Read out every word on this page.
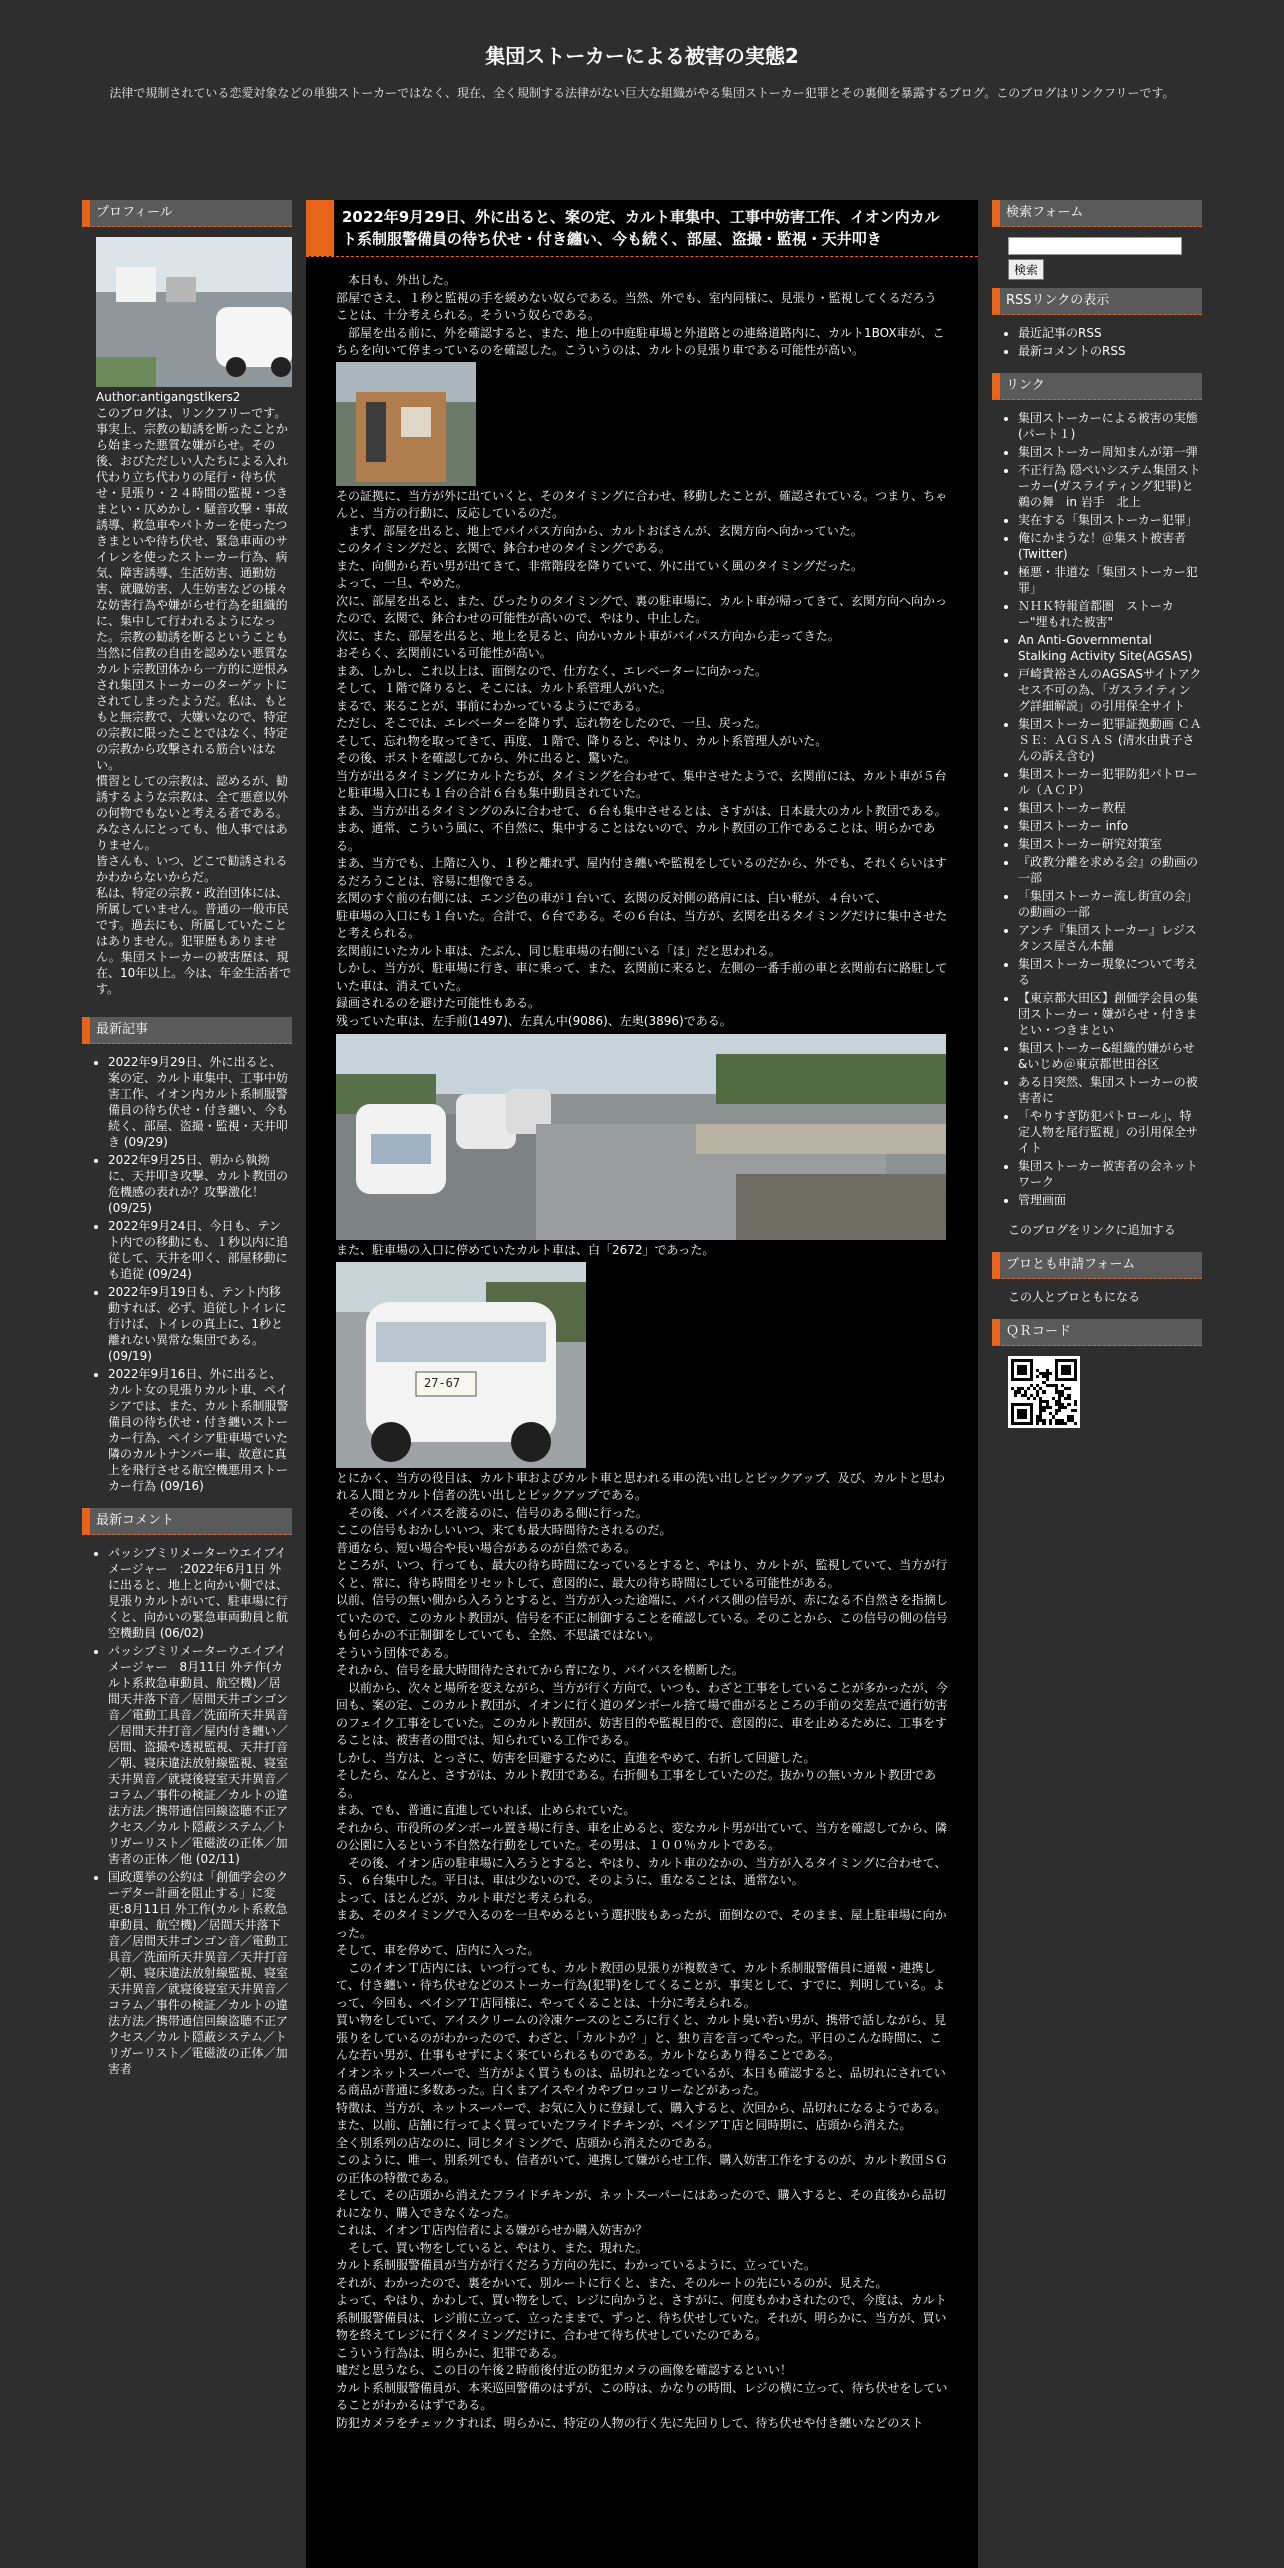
集団ストーカーによる被害の実態2
法律で規制されている恋愛対象などの単独ストーカーではなく、現在、全く規制する法律がない巨大な組織がやる集団ストーカー犯罪とその裏側を暴露するブログ。このブログはリンクフリーです。
プロフィール
Author:antigangstlkers2
このブログは、リンクフリーです。
事実上、宗教の勧誘を断ったことから始まった悪質な嫌がらせ。その後、おびただしい人たちによる入れ代わり立ち代わりの尾行・待ち伏せ・見張り・２４時間の監視・つきまとい・仄めかし・騒音攻撃・事故誘導、救急車やパトカーを使ったつきまといや待ち伏せ、緊急車両のサイレンを使ったストーカー行為、病気、障害誘導、生活妨害、通勤妨害、就職妨害、人生妨害などの様々な妨害行為や嫌がらせ行為を組織的に、集中して行われるようになった。宗教の勧誘を断るということも当然に信教の自由を認めない悪質なカルト宗教団体から一方的に逆恨みされ集団ストーカーのターゲットにされてしまったようだ。私は、もともと無宗教で、大嫌いなので、特定の宗教に限ったことではなく、特定の宗教から攻撃される筋合いはない。
慣習としての宗教は、認めるが、勧誘するような宗教は、全て悪意以外の何物でもないと考える者である。
みなさんにとっても、他人事ではありません。
皆さんも、いつ、どこで勧誘されるかわからないからだ。
私は、特定の宗教・政治団体には、所属していません。普通の一般市民です。過去にも、所属していたことはありません。犯罪歴もありません。集団ストーカーの被害歴は、現在、10年以上。今は、年金生活者です。
最新記事
• 2022年9月29日、外に出ると、案の定、カルト車集中、工事中妨害工作、イオン内カルト系制服警備員の待ち伏せ・付き纏い、今も続く、部屋、盗撮・監視・天井叩き (09/29)
• 2022年9月25日、朝から執拗に、天井叩き攻撃、カルト教団の危機感の表れか？攻撃激化！ (09/25)
• 2022年9月24日、今日も、テント内での移動にも、１秒以内に追従して、天井を叩く、部屋移動にも追従 (09/24)
• 2022年9月19日も、テント内移動すれば、必ず、追従しトイレに行けば、トイレの真上に、1秒と離れない異常な集団である。(09/19)
• 2022年9月16日、外に出ると、カルト女の見張りカルト車、ペイシアでは、また、カルト系制服警備員の待ち伏せ・付き纏いストーカー行為、ペイシア駐車場でいた隣のカルトナンバー車、故意に真上を飛行させる航空機悪用ストーカー行為 (09/16)
最新コメント
• パッシブミリメーターウエイブイメージャー　:2022年6月1日 外に出ると、地上と向かい側では、見張りカルトがいて、駐車場に行くと、向かいの緊急車両動員と航空機動員 (06/02)
• パッシブミリメーターウエイブイメージャー　8月11日 外テ作(カルト系救急車動員、航空機)／居間天井落下音／居間天井ゴンゴン音／電動工具音／洗面所天井異音／居間天井打音／屋内付き纏い／居間、盗撮や透視監視、天井打音／朝、寝床違法放射線監視、寝室天井異音／就寝後寝室天井異音／コラム／事件の検証／カルトの違法方法／携帯通信回線盗聴不正アクセス／カルト隠蔽システム／トリガーリスト／電磁波の正体／加害者の正体／他 (02/11)
• 国政選挙の公約は「創価学会のクーデター計画を阻止する」に変更:8月11日 外工作(カルト系救急車動員、航空機)／居間天井落下音／居間天井ゴンゴン音／電動工具音／洗面所天井異音／天井打音／朝、寝床違法放射線監視、寝室天井異音／就寝後寝室天井異音／コラム／事件の検証／カルトの違法方法／携帯通信回線盗聴不正アクセス／カルト隠蔽システム／トリガーリスト／電磁波の正体／加害者
2022年9月29日、外に出ると、案の定、カルト車集中、工事中妨害工作、イオン内カルト系制服警備員の待ち伏せ・付き纏い、今も続く、部屋、盗撮・監視・天井叩き

　本日も、外出した。

部屋でさえ、１秒と監視の手を緩めない奴らである。当然、外でも、室内同様に、見張り・監視してくるだろうことは、十分考えられる。そういう奴らである。

　部屋を出る前に、外を確認すると、また、地上の中庭駐車場と外道路との連絡道路内に、カルト1BOX車が、こちらを向いて停まっているのを確認した。こういうのは、カルトの見張り車である可能性が高い。

その証拠に、当方が外に出ていくと、そのタイミングに合わせ、移動したことが、確認されている。つまり、ちゃんと、当方の行動に、反応しているのだ。

　まず、部屋を出ると、地上でバイパス方向から、カルトおばさんが、玄関方向へ向かっていた。

このタイミングだと、玄関で、鉢合わせのタイミングである。

また、向側から若い男が出てきて、非常階段を降りていて、外に出ていく風のタイミングだった。

よって、一旦、やめた。

次に、部屋を出ると、また、ぴったりのタイミングで、裏の駐車場に、カルト車が帰ってきて、玄関方向へ向かったので、玄関で、鉢合わせの可能性が高いので、やはり、中止した。

次に、また、部屋を出ると、地上を見ると、向かいカルト車がバイパス方向から走ってきた。

おそらく、玄関前にいる可能性が高い。

まあ、しかし、これ以上は、面倒なので、仕方なく、エレベーターに向かった。

そして、１階で降りると、そこには、カルト系管理人がいた。

まるで、来ることが、事前にわかっているようにである。

ただし、そこでは、エレベーターを降りず、忘れ物をしたので、一旦、戻った。

そして、忘れ物を取ってきて、再度、１階で、降りると、やはり、カルト系管理人がいた。

その後、ポストを確認してから、外に出ると、驚いた。

当方が出るタイミングにカルトたちが、タイミングを合わせて、集中させたようで、玄関前には、カルト車が５台と駐車場入口にも１台の合計６台も集中動員されていた。

まあ、当方が出るタイミングのみに合わせて、６台も集中させるとは、さすがは、日本最大のカルト教団である。

まあ、通常、こういう風に、不自然に、集中することはないので、カルト教団の工作であることは、明らかである。

まあ、当方でも、上階に入り、１秒と離れず、屋内付き纏いや監視をしているのだから、外でも、それくらいはするだろうことは、容易に想像できる。

玄関のすぐ前の右側には、エンジ色の車が１台いて、玄関の反対側の路肩には、白い軽が、４台いて、

駐車場の入口にも１台いた。合計で、６台である。その６台は、当方が、玄関を出るタイミングだけに集中させたと考えられる。

玄関前にいたカルト車は、たぶん、同じ駐車場の右側にいる「ほ」だと思われる。

しかし、当方が、駐車場に行き、車に乗って、また、玄関前に来ると、左側の一番手前の車と玄関前右に路駐していた車は、消えていた。

録画されるのを避けた可能性もある。

残っていた車は、左手前(1497)、左真ん中(9086)、左奥(3896)である。

また、駐車場の入口に停めていたカルト車は、白「2672」であった。

27-67

とにかく、当方の役目は、カルト車およびカルト車と思われる車の洗い出しとピックアップ、及び、カルトと思われる人間とカルト信者の洗い出しとピックアップである。

　その後、バイパスを渡るのに、信号のある側に行った。

ここの信号もおかしいいつ、来ても最大時間待たされるのだ。

普通なら、短い場合や長い場合があるのが自然である。

ところが、いつ、行っても、最大の待ち時間になっているとすると、やはり、カルトが、監視していて、当方が行くと、常に、待ち時間をリセットして、意図的に、最大の待ち時間にしている可能性がある。

以前、信号の無い側から入ろうとすると、当方が入った途端に、バイパス側の信号が、赤になる不自然さを指摘していたので、このカルト教団が、信号を不正に制御することを確認している。そのことから、この信号の側の信号も何らかの不正制御をしていても、全然、不思議ではない。

そういう団体である。

それから、信号を最大時間待たされてから青になり、バイパスを横断した。

　以前から、次々と場所を変えながら、当方が行く方向で、いつも、わざと工事をしていることが多かったが、今回も、案の定、このカルト教団が、イオンに行く道のダンボール捨て場で曲がるところの手前の交差点で通行妨害のフェイク工事をしていた。このカルト教団が、妨害目的や監視目的で、意図的に、車を止めるために、工事をすることは、被害者の間では、知られている工作である。

しかし、当方は、とっさに、妨害を回避するために、直進をやめて、右折して回避した。

そしたら、なんと、さすがは、カルト教団である。右折側も工事をしていたのだ。抜かりの無いカルト教団である。

まあ、でも、普通に直進していれば、止められていた。

それから、市役所のダンボール置き場に行き、車を止めると、変なカルト男が出ていて、当方を確認してから、隣の公園に入るという不自然な行動をしていた。その男は、１００％カルトである。

　その後、イオン店の駐車場に入ろうとすると、やはり、カルト車のなかの、当方が入るタイミングに合わせて、５、６台集中した。平日は、車は少ないので、そのように、重なることは、通常ない。

よって、ほとんどが、カルト車だと考えられる。

まあ、そのタイミングで入るのを一旦やめるという選択肢もあったが、面倒なので、そのまま、屋上駐車場に向かった。

そして、車を停めて、店内に入った。

　このイオンＴ店内には、いつ行っても、カルト教団の見張りが複数きて、カルト系制服警備員に通報・連携して、付き纏い・待ち伏せなどのストーカー行為(犯罪)をしてくることが、事実として、すでに、判明している。よって、今回も、ペイシアＴ店同様に、やってくることは、十分に考えられる。

買い物をしていて、アイスクリームの冷凍ケースのところに行くと、カルト臭い若い男が、携帯で話しながら、見張りをしているのがわかったので、わざと、「カルトか？」と、独り言を言ってやった。平日のこんな時間に、こんな若い男が、仕事もせずによく来ていられるものである。カルトならあり得ることである。

イオンネットスーパーで、当方がよく買うものは、品切れとなっているが、本日も確認すると、品切れにされている商品が普通に多数あった。白くまアイスやイカやブロッコリーなどがあった。

特徴は、当方が、ネットスーパーで、お気に入りに登録して、購入すると、次回から、品切れになるようである。

また、以前、店舗に行ってよく買っていたフライドチキンが、ペイシアＴ店と同時期に、店頭から消えた。

全く別系列の店なのに、同じタイミングで、店頭から消えたのである。

このように、唯一、別系列でも、信者がいて、連携して嫌がらせ工作、購入妨害工作をするのが、カルト教団ＳＧの正体の特徴である。

そして、その店頭から消えたフライドチキンが、ネットスーパーにはあったので、購入すると、その直後から品切れになり、購入できなくなった。

これは、イオンＴ店内信者による嫌がらせか購入妨害か？

　そして、買い物をしていると、やはり、また、現れた。

カルト系制服警備員が当方が行くだろう方向の先に、わかっているように、立っていた。

それが、わかったので、裏をかいて、別ルートに行くと、また、そのルートの先にいるのが、見えた。

よって、やはり、かわして、買い物をして、レジに向かうと、さすがに、何度もかわされたので、今度は、カルト系制服警備員は、レジ前に立って、立ったままで、ずっと、待ち伏せしていた。それが、明らかに、当方が、買い物を終えてレジに行くタイミングだけに、合わせて待ち伏せしていたのである。

こういう行為は、明らかに、犯罪である。

嘘だと思うなら、この日の午後２時前後付近の防犯カメラの画像を確認するといい！

カルト系制服警備員が、本来巡回警備のはずが、この時は、かなりの時間、レジの横に立って、待ち伏せをしていることがわかるはずである。

防犯カメラをチェックすれば、明らかに、特定の人物の行く先に先回りして、待ち伏せや付き纏いなどのスト

検索フォーム
検索
RSSリンクの表示
• 最近記事のRSS
• 最新コメントのRSS
リンク
• 集団ストーカーによる被害の実態(パート１)
• 集団ストーカー周知まんが第一弾
• 不正行為 隠ぺいシステム集団ストーカー(ガスライティング犯罪)と　鵜の舞　in 岩手　北上
• 実在する「集団ストーカー犯罪」
• 俺にかまうな！＠集スト被害者(Twitter)
• 極悪・非道な「集団ストーカー犯罪」
• ＮＨＫ特報首都圏　ストーカー"埋もれた被害"
• An Anti-Governmental Stalking Activity Site(AGSAS)
• 戸崎貴裕さんのAGSASサイトアクセス不可の為、「ガスライティング詳細解説」の引用保全サイト
• 集団ストーカー犯罪証拠動画 ＣＡＳＥ：ＡＧＳＡＳ (清水由貴子さんの訴え含む)
• 集団ストーカー犯罪防犯パトロール（ＡＣＰ）
• 集団ストーカー教程
• 集団ストーカー info
• 集団ストーカー研究対策室
• 『政教分離を求める会』の動画の一部
• 「集団ストーカー流し街宣の会」の動画の一部
• アンチ『集団ストーカー』レジスタンス屋さん本舗
• 集団ストーカー現象について考える
• 【東京都大田区】創価学会員の集団ストーカー・嫌がらせ・付きまとい・つきまとい
• 集団ストーカー&組織的嫌がらせ&いじめ＠東京都世田谷区
• ある日突然、集団ストーカーの被害者に
• 「やりすぎ防犯パトロール」、特定人物を尾行監視」の引用保全サイト
• 集団ストーカー被害者の会ネットワーク
• 管理画面
このブログをリンクに追加する
ブロとも申請フォーム
この人とブロともになる
ＱＲコード
